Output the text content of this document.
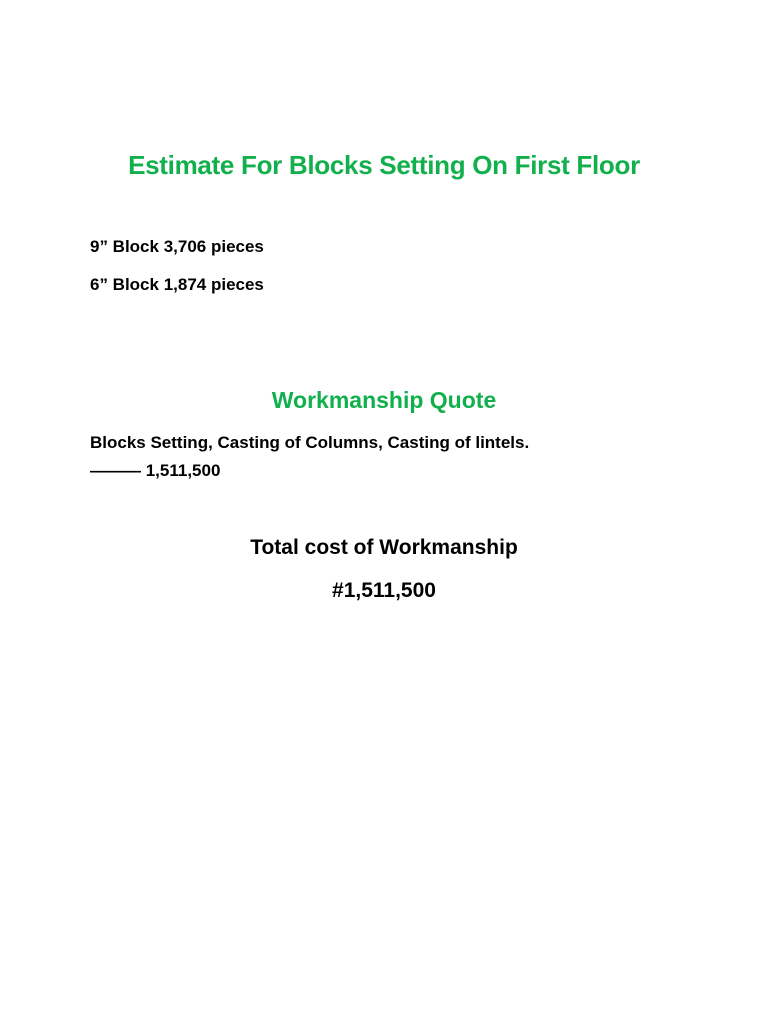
Estimate For Blocks Setting On First Floor
9” Block 3,706 pieces
6” Block 1,874 pieces
Workmanship Quote
Blocks Setting, Casting of Columns, Casting of lintels.
——— 1,511,500
Total cost of Workmanship
#1,511,500
